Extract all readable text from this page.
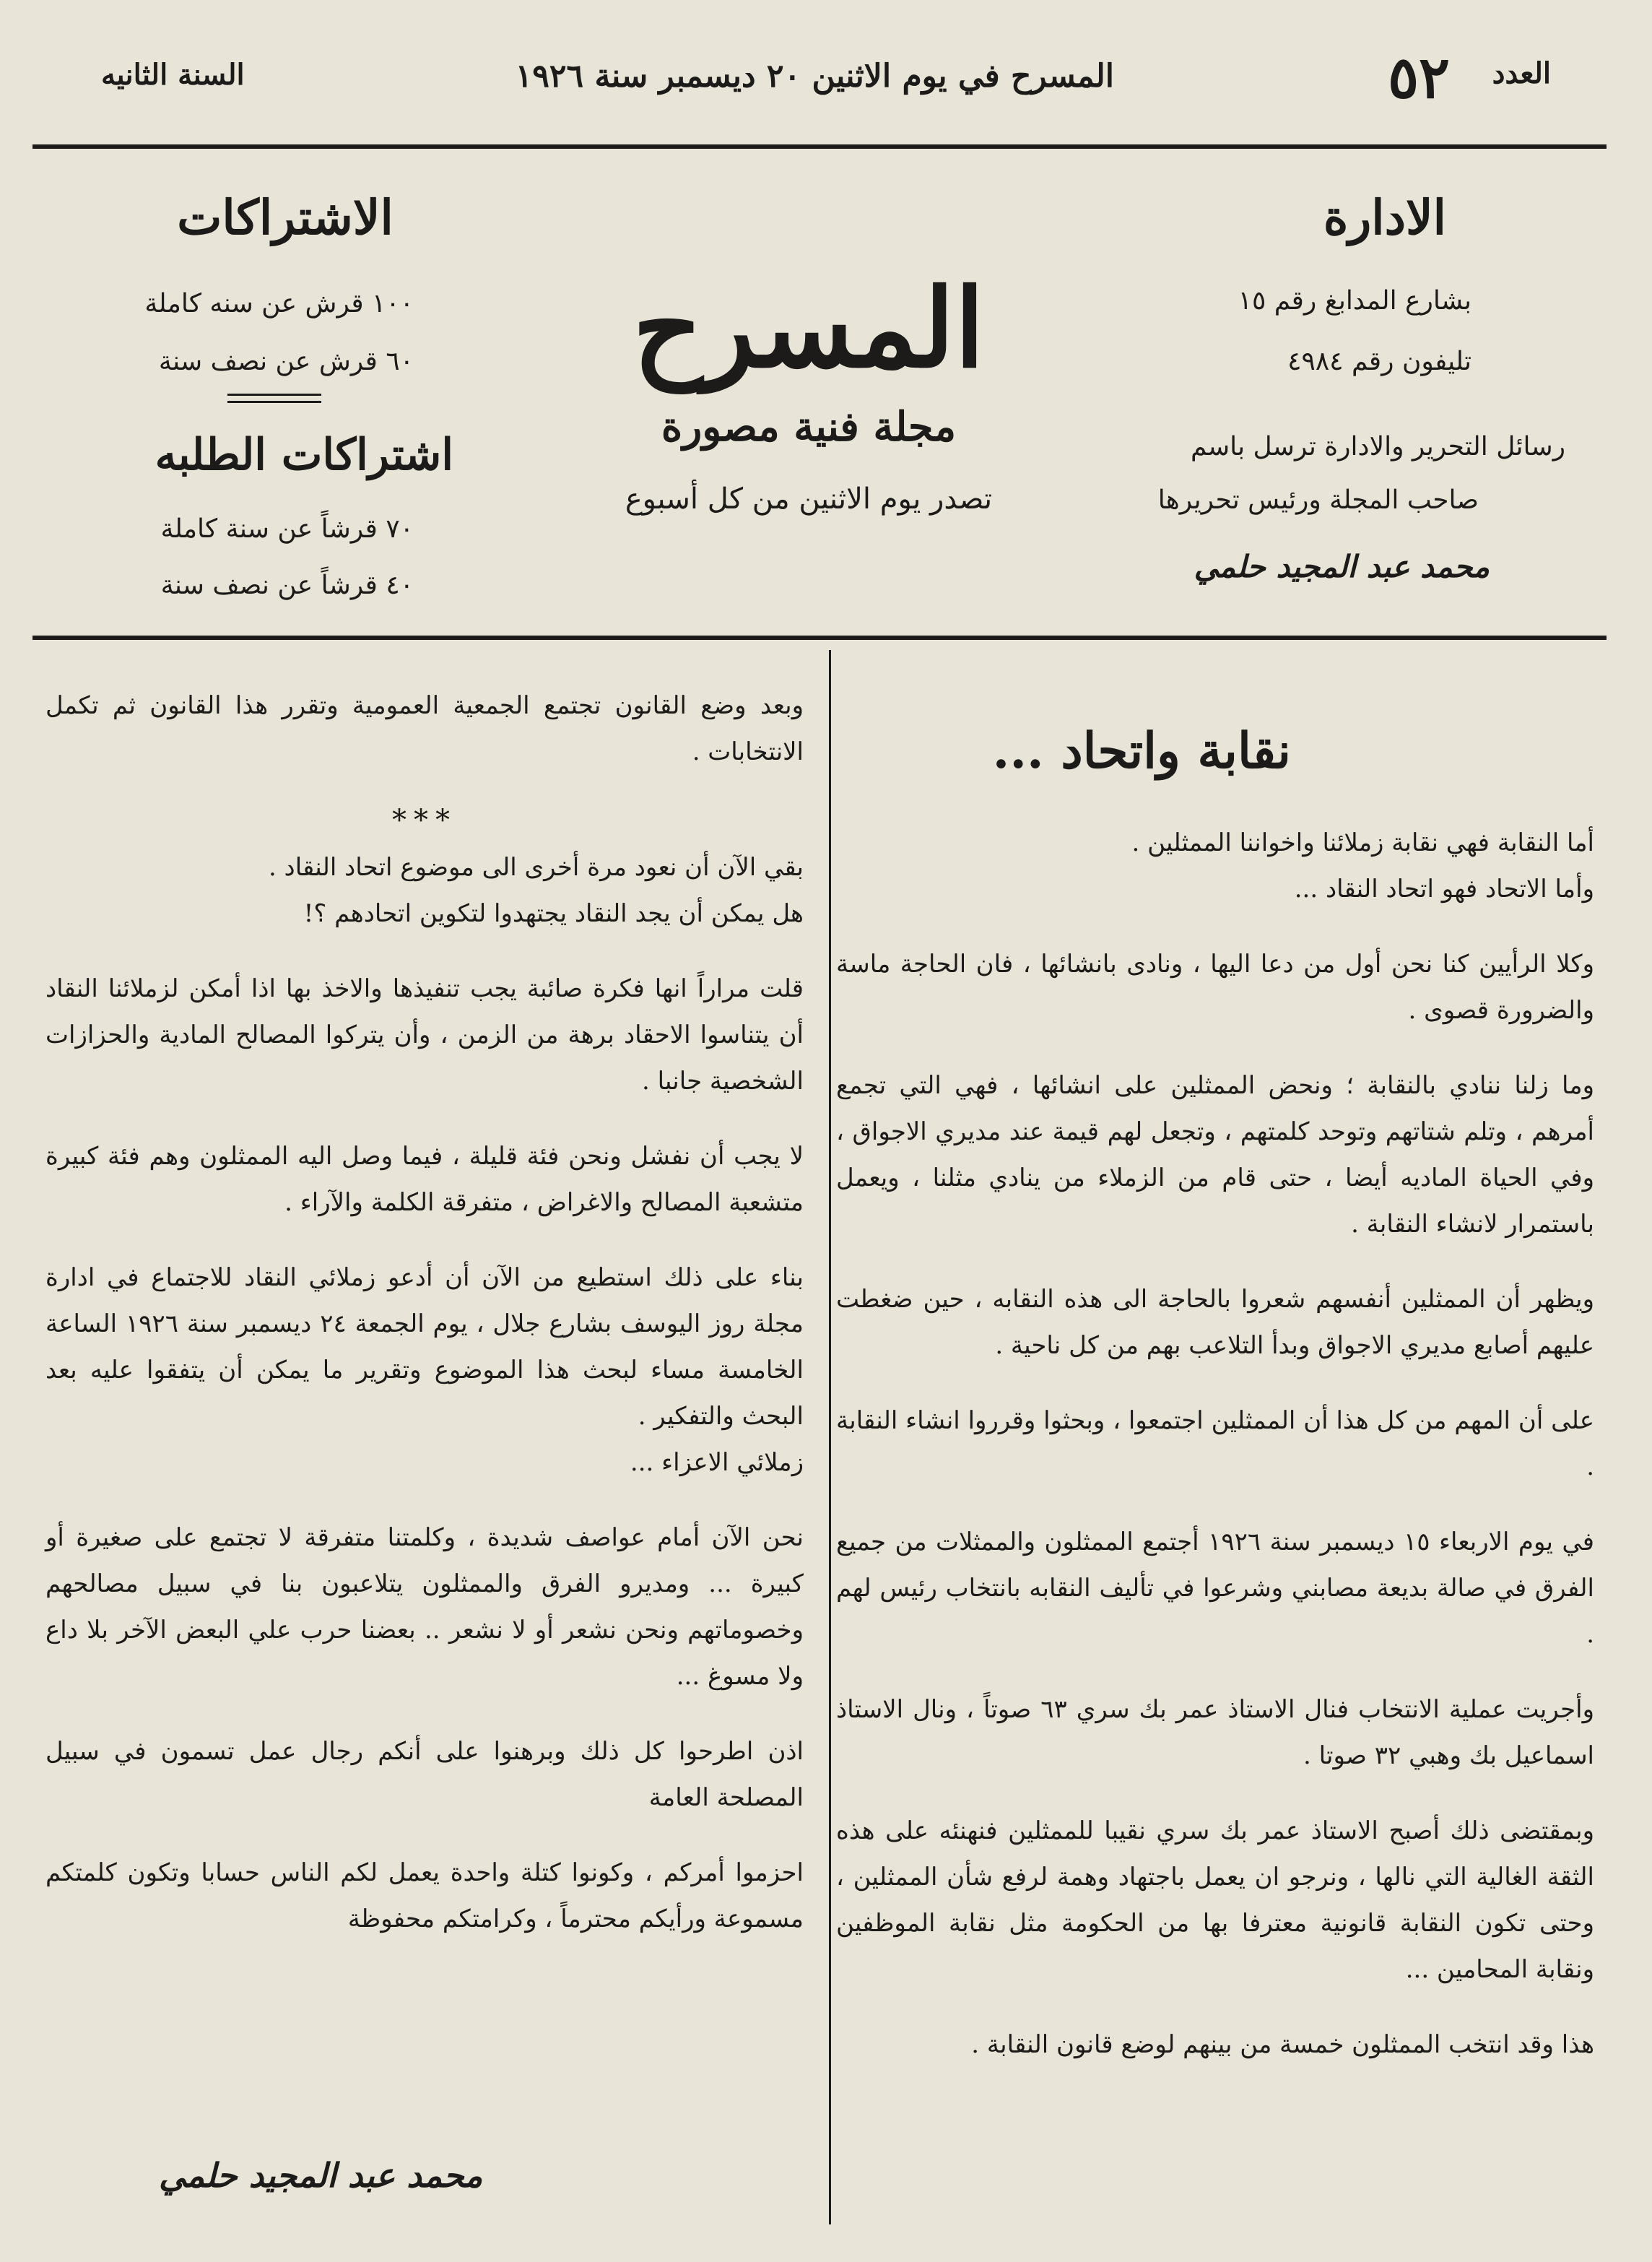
العدد
٥٢
المسرح في يوم الاثنين ٢٠ ديسمبر سنة ١٩٢٦
السنة الثانيه
الادارة
بشارع المدابغ رقم ١٥
تليفون رقم ٤٩٨٤
رسائل التحرير والادارة ترسل باسم
صاحب المجلة ورئيس تحريرها
محمد عبد المجيد حلمي
المسرح
مجلة فنية مصورة
تصدر يوم الاثنين من كل أسبوع
الاشتراكات
١٠٠ قرش عن سنه كاملة
٦٠ قرش عن نصف سنة
اشتراكات الطلبه
٧٠ قرشاً عن سنة كاملة
٤٠ قرشاً عن نصف سنة
نقابة واتحاد ...

أما النقابة فهي نقابة زملائنا واخواننا الممثلين .

وأما الاتحاد فهو اتحاد النقاد ...

وكلا الرأيين كنا نحن أول من دعا اليها ، ونادى بانشائها ، فان الحاجة ماسة والضرورة قصوى .

وما زلنا ننادي بالنقابة ؛ ونحض الممثلين على انشائها ، فهي التي تجمع أمرهم ، وتلم شتاتهم وتوحد كلمتهم ، وتجعل لهم قيمة عند مديري الاجواق ، وفي الحياة الماديه أيضا ، حتى قام من الزملاء من ينادي مثلنا ، ويعمل باستمرار لانشاء النقابة .

ويظهر أن الممثلين أنفسهم شعروا بالحاجة الى هذه النقابه ، حين ضغطت عليهم أصابع مديري الاجواق وبدأ التلاعب بهم من كل ناحية .

على أن المهم من كل هذا أن الممثلين اجتمعوا ، وبحثوا وقرروا انشاء النقابة .

في يوم الاربعاء ١٥ ديسمبر سنة ١٩٢٦ أجتمع الممثلون والممثلات من جميع الفرق في صالة بديعة مصابني وشرعوا في تأليف النقابه بانتخاب رئيس لهم .

وأجريت عملية الانتخاب فنال الاستاذ عمر بك سري ٦٣ صوتاً ، ونال الاستاذ اسماعيل بك وهبي ٣٢ صوتا .

وبمقتضى ذلك أصبح الاستاذ عمر بك سري نقيبا للممثلين فنهنئه على هذه الثقة الغالية التي نالها ، ونرجو ان يعمل باجتهاد وهمة لرفع شأن الممثلين ، وحتى تكون النقابة قانونية معترفا بها من الحكومة مثل نقابة الموظفين ونقابة المحامين ...

هذا وقد انتخب الممثلون خمسة من بينهم لوضع قانون النقابة .

وبعد وضع القانون تجتمع الجمعية العمومية وتقرر هذا القانون ثم تكمل الانتخابات .

***

بقي الآن أن نعود مرة أخرى الى موضوع اتحاد النقاد .

هل يمكن أن يجد النقاد يجتهدوا لتكوين اتحادهم ؟!

قلت مراراً انها فكرة صائبة يجب تنفيذها والاخذ بها اذا أمكن لزملائنا النقاد أن يتناسوا الاحقاد برهة من الزمن ، وأن يتركوا المصالح المادية والحزازات الشخصية جانبا .

لا يجب أن نفشل ونحن فئة قليلة ، فيما وصل اليه الممثلون وهم فئة كبيرة متشعبة المصالح والاغراض ، متفرقة الكلمة والآراء .

بناء على ذلك استطيع من الآن أن أدعو زملائي النقاد للاجتماع في ادارة مجلة روز اليوسف بشارع جلال ، يوم الجمعة ٢٤ ديسمبر سنة ١٩٢٦ الساعة الخامسة مساء لبحث هذا الموضوع وتقرير ما يمكن أن يتفقوا عليه بعد البحث والتفكير .

زملائي الاعزاء ...

نحن الآن أمام عواصف شديدة ، وكلمتنا متفرقة لا تجتمع على صغيرة أو كبيرة ... ومديرو الفرق والممثلون يتلاعبون بنا في سبيل مصالحهم وخصوماتهم ونحن نشعر أو لا نشعر .. بعضنا حرب علي البعض الآخر بلا داع ولا مسوغ ...

اذن اطرحوا كل ذلك وبرهنوا على أنكم رجال عمل تسمون في سبيل المصلحة العامة

احزموا أمركم ، وكونوا كتلة واحدة يعمل لكم الناس حسابا وتكون كلمتكم مسموعة ورأيكم محترماً ، وكرامتكم محفوظة

محمد عبد المجيد حلمي
